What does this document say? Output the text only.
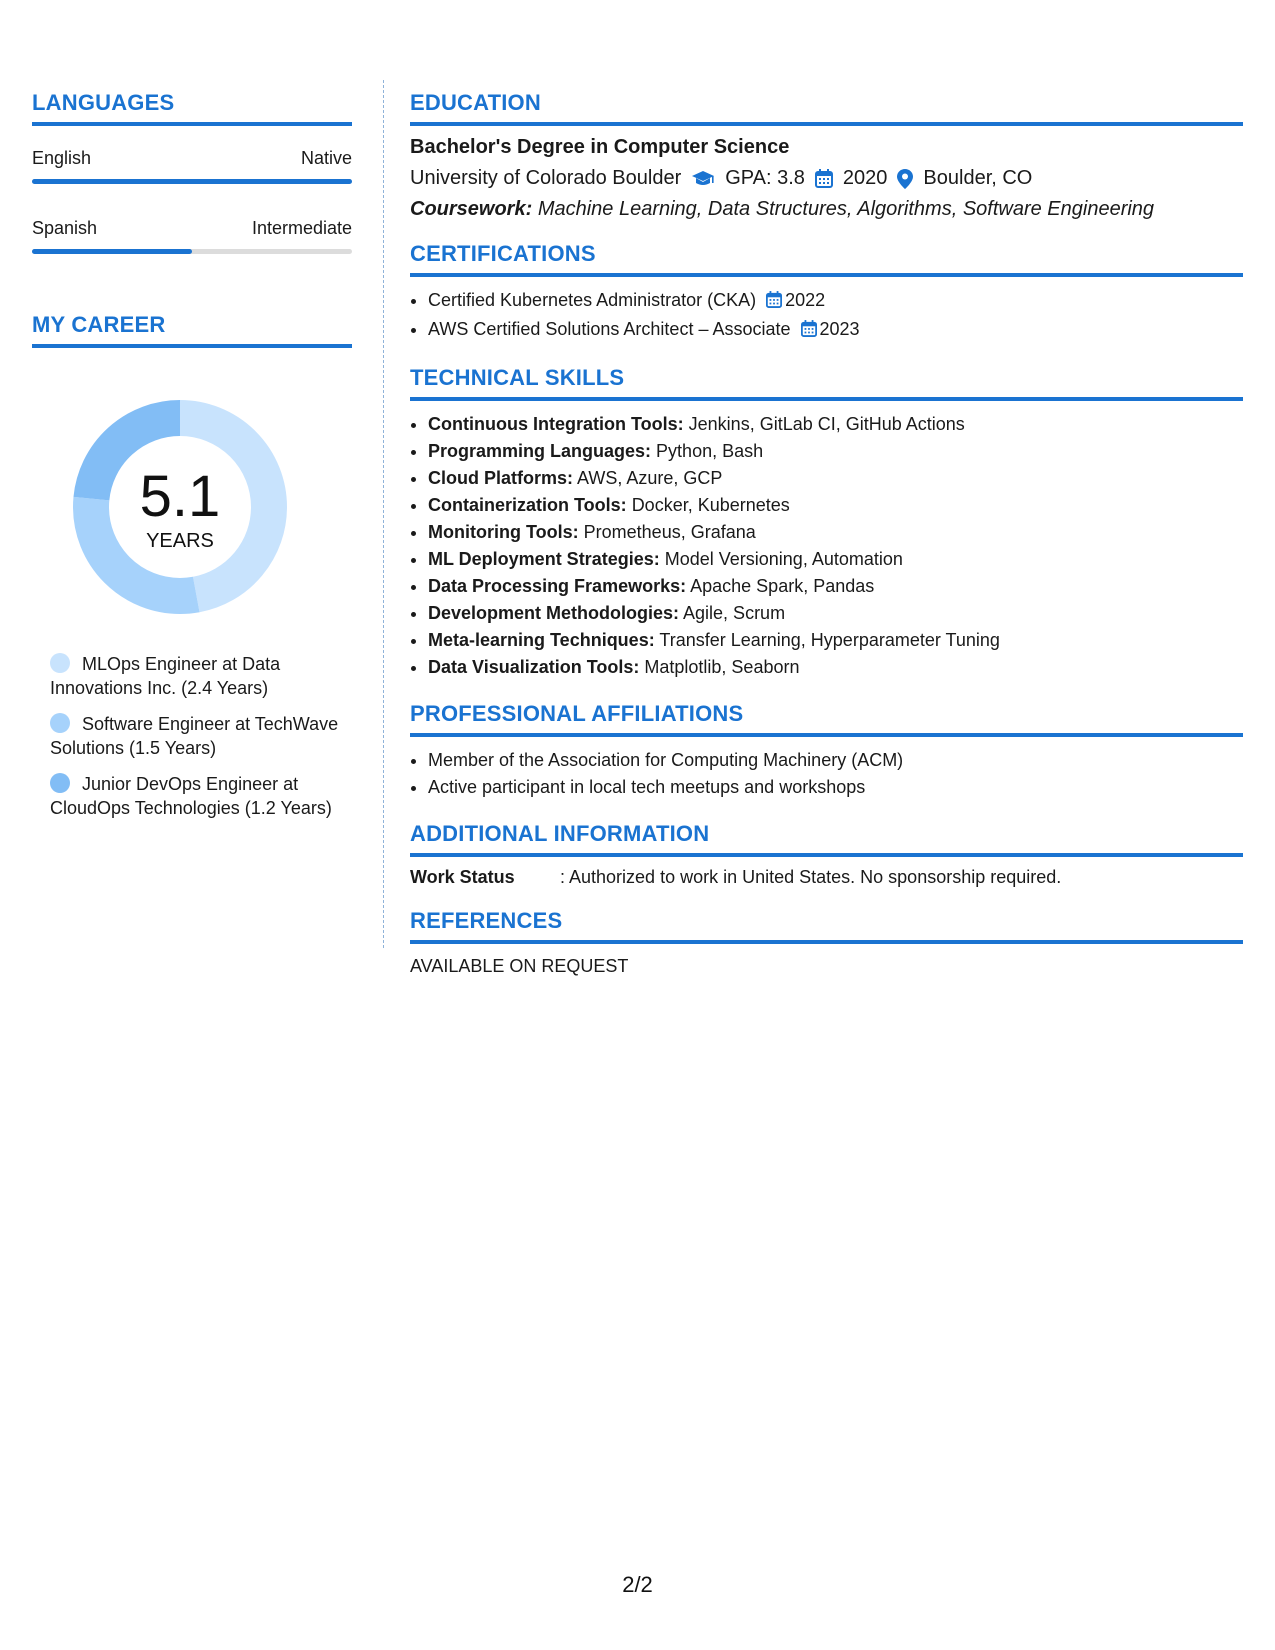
LANGUAGES
English	Native
Spanish	Intermediate
MY CAREER
5.1
YEARS
MLOps Engineer at Data Innovations Inc. (2.4 Years)
Software Engineer at TechWave Solutions (1.5 Years)
Junior DevOps Engineer at CloudOps Technologies (1.2 Years)
EDUCATION
Bachelor's Degree in Computer Science
University of Colorado Boulder GPA: 3.8 2020 Boulder, CO
Coursework: Machine Learning, Data Structures, Algorithms, Software Engineering
CERTIFICATIONS
• Certified Kubernetes Administrator (CKA) 2022
• AWS Certified Solutions Architect – Associate 2023
TECHNICAL SKILLS
• Continuous Integration Tools: Jenkins, GitLab CI, GitHub Actions
• Programming Languages: Python, Bash
• Cloud Platforms: AWS, Azure, GCP
• Containerization Tools: Docker, Kubernetes
• Monitoring Tools: Prometheus, Grafana
• ML Deployment Strategies: Model Versioning, Automation
• Data Processing Frameworks: Apache Spark, Pandas
• Development Methodologies: Agile, Scrum
• Meta-learning Techniques: Transfer Learning, Hyperparameter Tuning
• Data Visualization Tools: Matplotlib, Seaborn
PROFESSIONAL AFFILIATIONS
• Member of the Association for Computing Machinery (ACM)
• Active participant in local tech meetups and workshops
ADDITIONAL INFORMATION
Work Status	: Authorized to work in United States. No sponsorship required.
REFERENCES
AVAILABLE ON REQUEST
2/2
